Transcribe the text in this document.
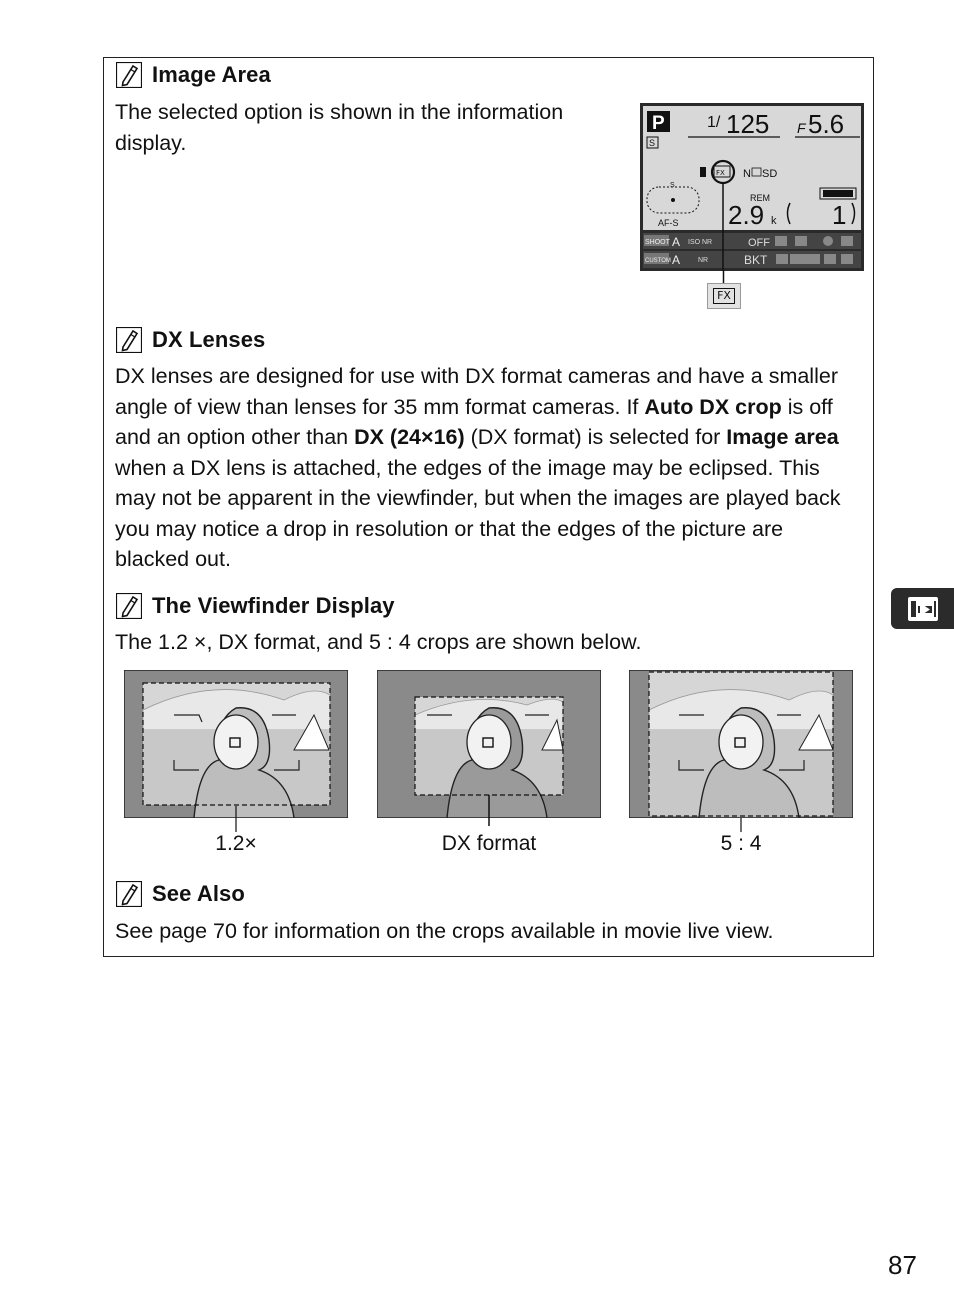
Image Area
The selected option is shown in the information display.
P	1/ 125 F 5.6
S
FX N SD
S
AF-S
REM
2.9 k 1
SHOOT A ISO NR	OFF
CUSTOM A	NR	BKT
FX
DX Lenses
DX lenses are designed for use with DX format cameras and have a smaller angle of view than lenses for 35 mm format cameras. If Auto DX crop is off and an option other than DX (24×16) (DX format) is selected for Image area when a DX lens is attached, the edges of the image may be eclipsed. This may not be apparent in the viewfinder, but when the images are played back you may notice a drop in resolution or that the edges of the picture are blacked out.
The Viewfinder Display
The 1.2 ×, DX format, and 5 : 4 crops are shown below.
1.2×	DX format	5 : 4
See Also
See page 70 for information on the crops available in movie live view.
87
